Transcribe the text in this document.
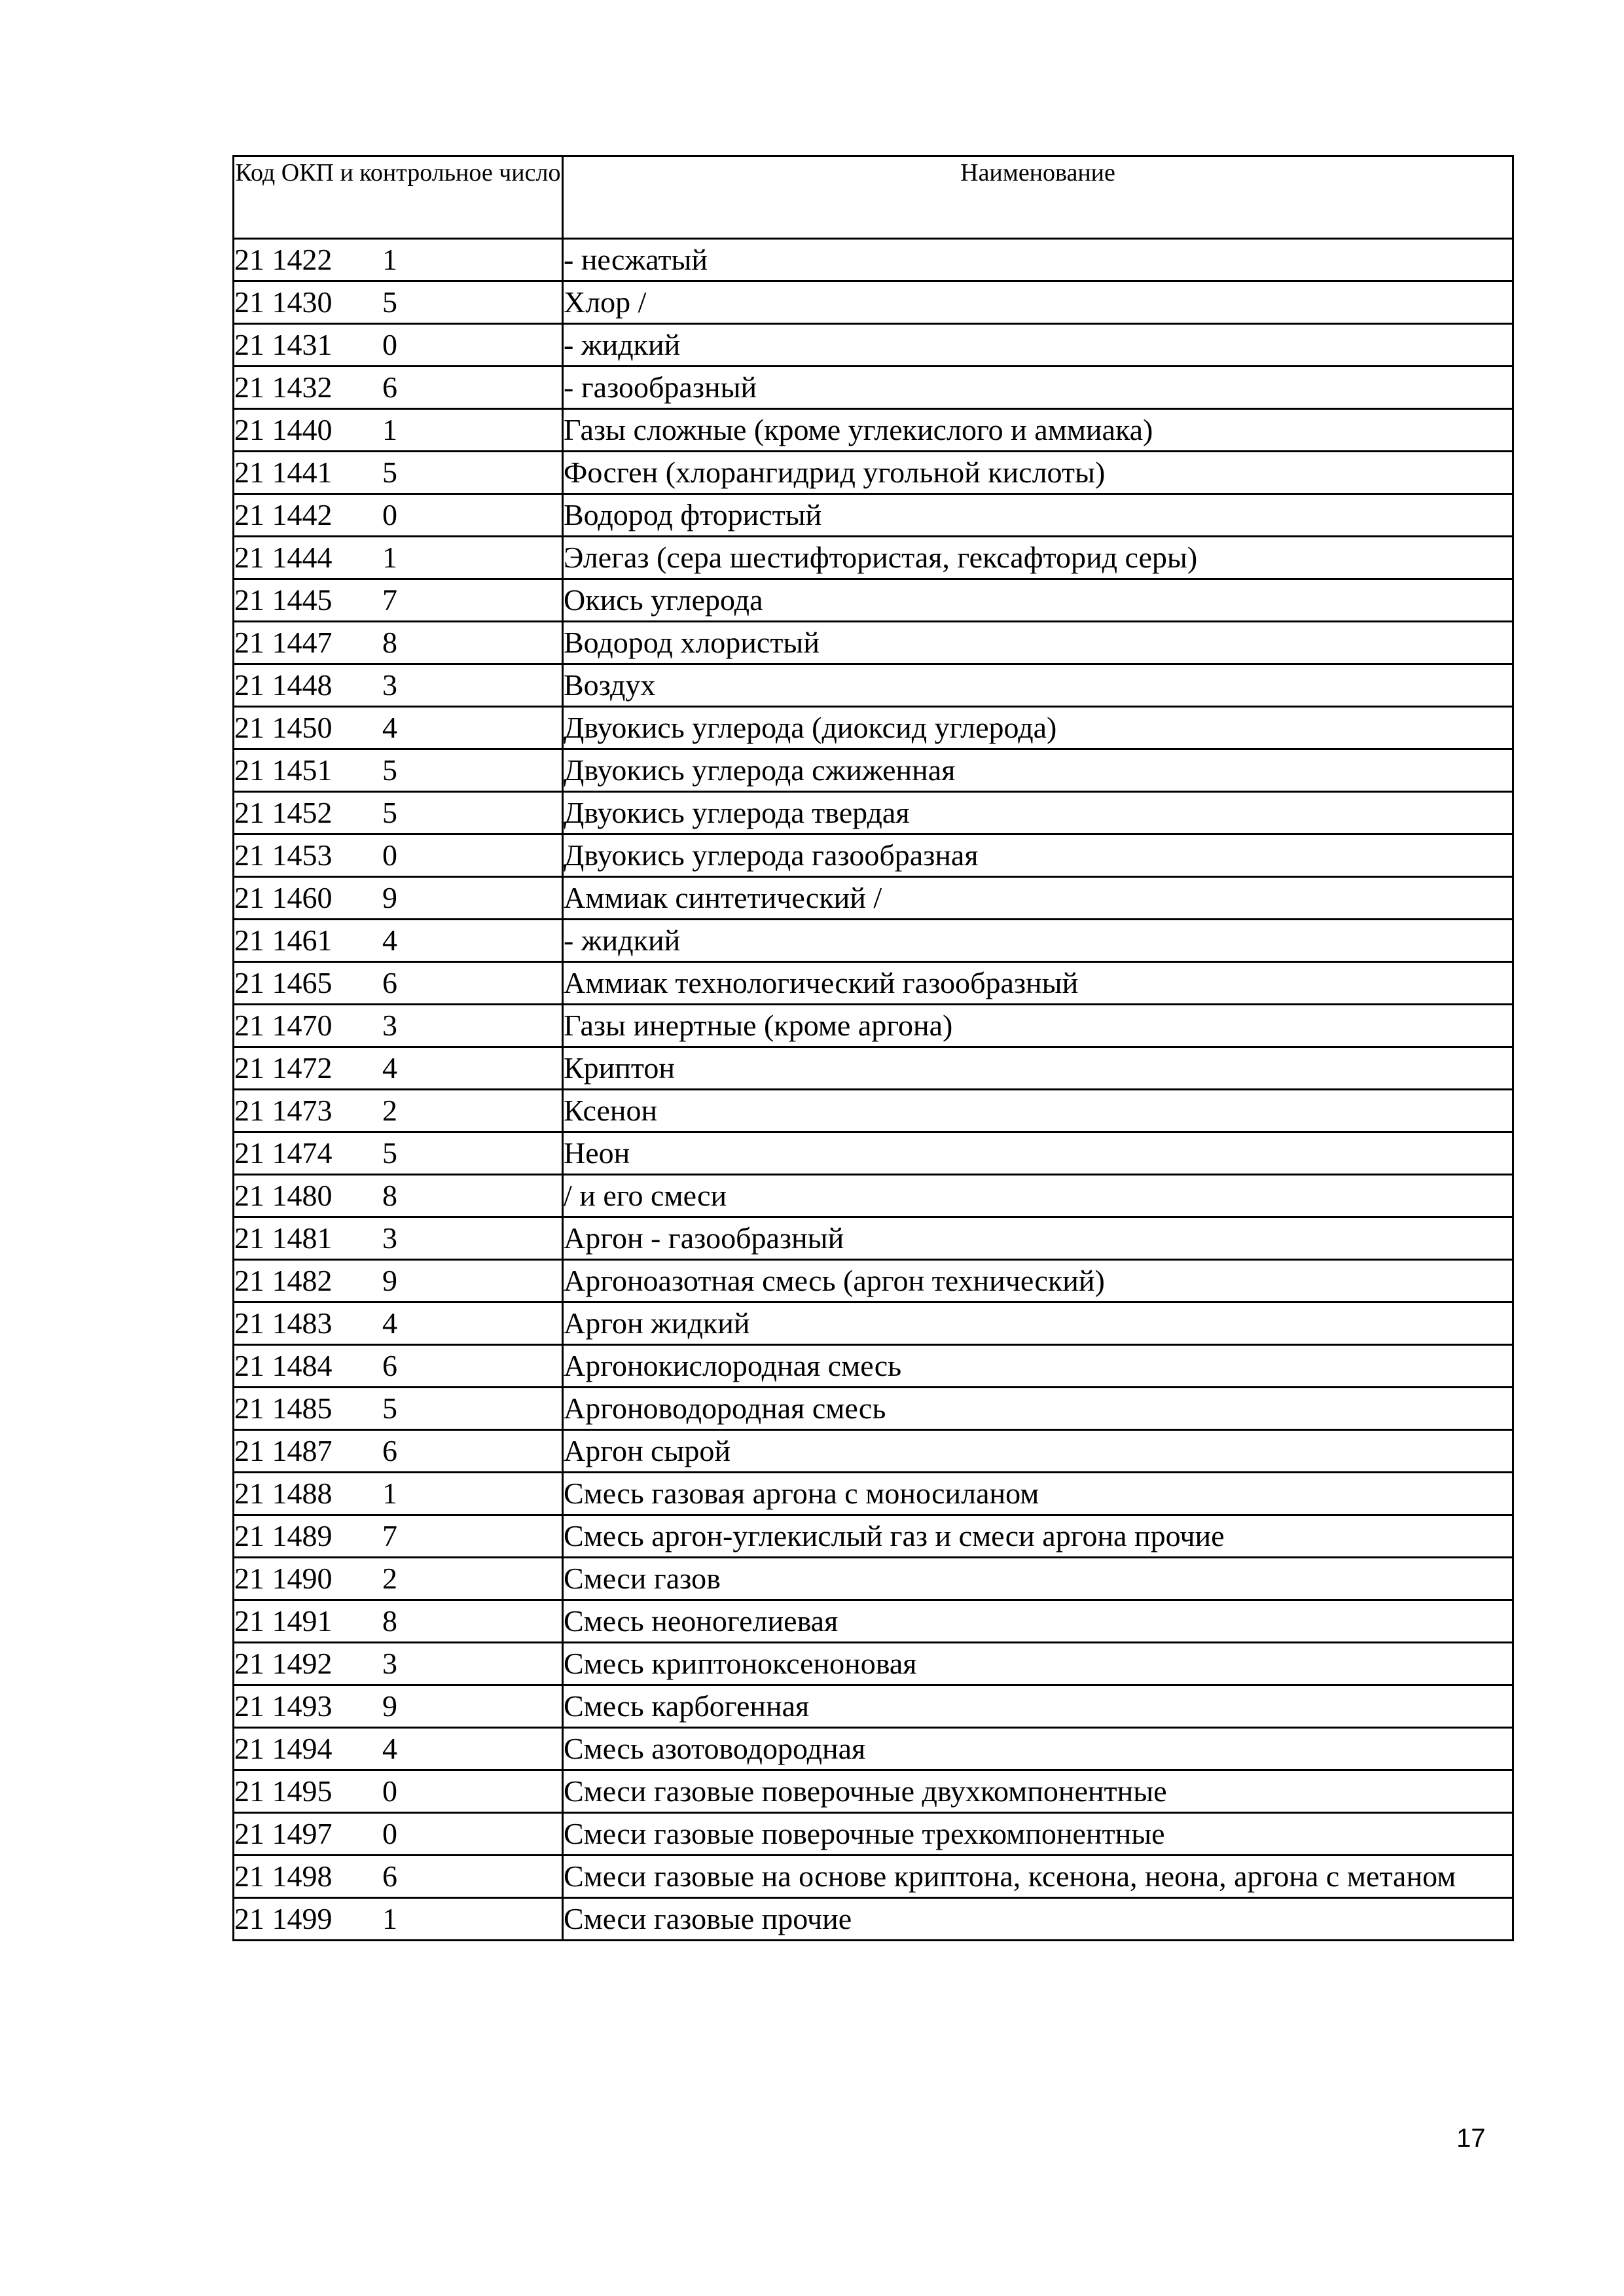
Код ОКП и контрольное число	Наименование
21 1422 1	- несжатый
21 1430 5	Хлор /
21 1431 0	- жидкий
21 1432 6	- газообразный
21 1440 1	Газы сложные (кроме углекислого и аммиака)
21 1441 5	Фосген (хлорангидрид угольной кислоты)
21 1442 0	Водород фтористый
21 1444 1	Элегаз (сера шестифтористая, гексафторид серы)
21 1445 7	Окись углерода
21 1447 8	Водород хлористый
21 1448 3	Воздух
21 1450 4	Двуокись углерода (диоксид углерода)
21 1451 5	Двуокись углерода сжиженная
21 1452 5	Двуокись углерода твердая
21 1453 0	Двуокись углерода газообразная
21 1460 9	Аммиак синтетический /
21 1461 4	- жидкий
21 1465 6	Аммиак технологический газообразный
21 1470 3	Газы инертные (кроме аргона)
21 1472 4	Криптон
21 1473 2	Ксенон
21 1474 5	Неон
21 1480 8	/ и его смеси
21 1481 3	Аргон - газообразный
21 1482 9	Аргоноазотная смесь (аргон технический)
21 1483 4	Аргон жидкий
21 1484 6	Аргонокислородная смесь
21 1485 5	Аргоноводородная смесь
21 1487 6	Аргон сырой
21 1488 1	Смесь газовая аргона с моносиланом
21 1489 7	Смесь аргон-углекислый газ и смеси аргона прочие
21 1490 2	Смеси газов
21 1491 8	Смесь неоногелиевая
21 1492 3	Смесь криптоноксеноновая
21 1493 9	Смесь карбогенная
21 1494 4	Смесь азотоводородная
21 1495 0	Смеси газовые поверочные двухкомпонентные
21 1497 0	Смеси газовые поверочные трехкомпонентные
21 1498 6	Смеси газовые на основе криптона, ксенона, неона, аргона с метаном
21 1499 1	Смеси газовые прочие
17
